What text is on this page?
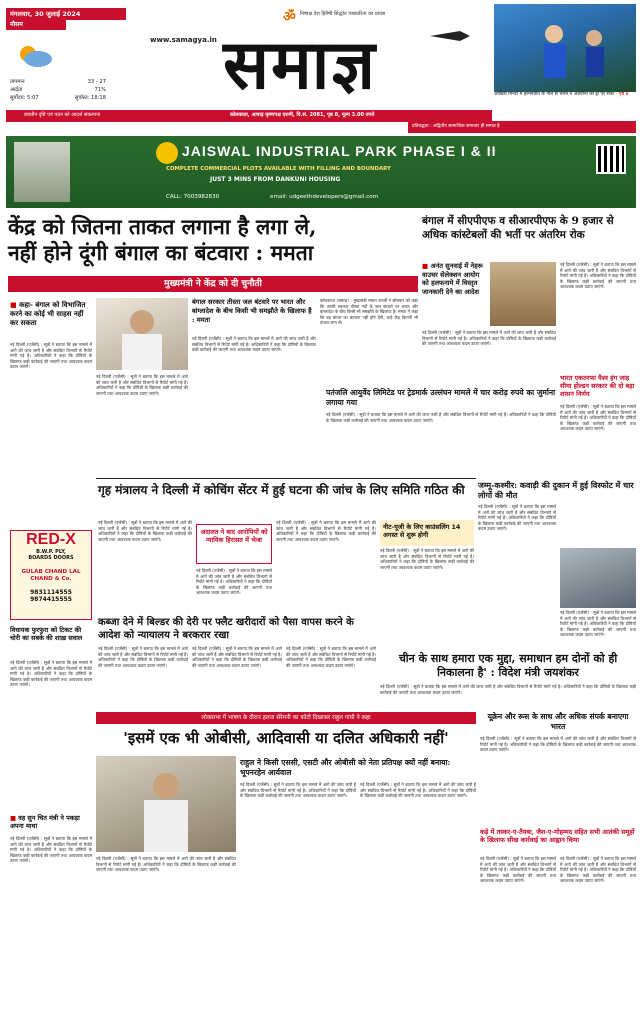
मंगलवार, 30 जुलाई 2024
मौसम
तापमान	33 - 27
आर्द्रता	71%
सूर्योदय: 5:07	सूर्यास्त: 18:18
ॐ निष्पक्ष देश हितैषी सिद्धांत पत्रकारिता का प्रयास
www.samagya.in समाज्ञ	आखिरी मिनटों में हरमनप्रीत के गोल से भारत ने अर्जेंटीना को ड्रा पर रोका - पृष्ठ 8
स्वाधीन दृष्टि एवं पठन को आदर्श संकल्पना	कोलकाता, आषाढ़ कृष्णपक्ष दशमी, वि.सं. 2081, पृष्ठ 8, मूल्य 3.00 रुपये
प्रतिबद्धता : अद्वितीय सामाजिक समाचार ही समाज्ञ है
JAISWAL INDUSTRIAL PARK PHASE I & II
COMPLETE COMMERCIAL PLOTS AVAILABLE WITH FILLING AND BOUNDARY
JUST 3 MINS FROM DANKUNI HOUSING
CALL: 7003982830	email: udgeethdevelopers@gmail.com
केंद्र को जितना ताकत लगाना है लगा ले,
नहीं होने दूंगी बंगाल का बंटवारा : ममता
मुख्यमंत्री ने केंद्र को दी चुनौती
बंगाल सरकार तीस्ता जल बंटवारे पर भारत और बांग्लादेश के बीच किसी भी समझौते के खिलाफ है : ममता
नई दिल्ली (एजेंसी) : सूत्रों ने बताया कि इस मामले में आगे की जांच जारी है और संबंधित विभागों से रिपोर्ट मांगी गई है। अधिकारियों ने कहा कि दोषियों के खिलाफ कड़ी कार्रवाई की जाएगी तथा आवश्यक कदम उठाए जाएंगे।
कोलकाता (समाज्ञ) : मुख्यमंत्री ममता बनर्जी ने सोमवार को कहा कि उनकी सरकार तीस्ता नदी के जल बंटवारे पर भारत और बांग्लादेश के बीच किसी भी समझौते के खिलाफ है। ममता ने कहा कि वह बंगाल का बंटवारा नहीं होने देंगी, चाहे केंद्र कितनी भी ताकत लगा ले।
नई दिल्ली (एजेंसी) : सूत्रों ने बताया कि इस मामले में आगे की जांच जारी है और संबंधित विभागों से रिपोर्ट मांगी गई है। अधिकारियों ने कहा कि दोषियों के खिलाफ कड़ी कार्रवाई की जाएगी तथा आवश्यक कदम उठाए जाएंगे।
■ कहा- बंगाल को विभाजित करने का कोई भी साहस नहीं कर सकता
नई दिल्ली (एजेंसी) : सूत्रों ने बताया कि इस मामले में आगे की जांच जारी है और संबंधित विभागों से रिपोर्ट मांगी गई है। अधिकारियों ने कहा कि दोषियों के खिलाफ कड़ी कार्रवाई की जाएगी तथा आवश्यक कदम उठाए जाएंगे।
RED-X
B.W.P. PLY,
BOARDS DOORS
GULAB CHAND LAL CHAND & Co.
9831114555
9874415555
विधायक फुरफुरा को टिकट की चोरी का सबके की शाख़ सवाल
नई दिल्ली (एजेंसी) : सूत्रों ने बताया कि इस मामले में आगे की जांच जारी है और संबंधित विभागों से रिपोर्ट मांगी गई है। अधिकारियों ने कहा कि दोषियों के खिलाफ कड़ी कार्रवाई की जाएगी तथा आवश्यक कदम उठाए जाएंगे।
गृह मंत्रालय ने दिल्ली में कोचिंग सेंटर में हुई घटना की जांच के लिए समिति गठित की
नई दिल्ली (एजेंसी) : सूत्रों ने बताया कि इस मामले में आगे की जांच जारी है और संबंधित विभागों से रिपोर्ट मांगी गई है। अधिकारियों ने कहा कि दोषियों के खिलाफ कड़ी कार्रवाई की जाएगी तथा आवश्यक कदम उठाए जाएंगे।
अदालत ने बाद आरोपियों को न्यायिक हिरासत में भेजा
नई दिल्ली (एजेंसी) : सूत्रों ने बताया कि इस मामले में आगे की जांच जारी है और संबंधित विभागों से रिपोर्ट मांगी गई है। अधिकारियों ने कहा कि दोषियों के खिलाफ कड़ी कार्रवाई की जाएगी तथा आवश्यक कदम उठाए जाएंगे।
नई दिल्ली (एजेंसी) : सूत्रों ने बताया कि इस मामले में आगे की जांच जारी है और संबंधित विभागों से रिपोर्ट मांगी गई है। अधिकारियों ने कहा कि दोषियों के खिलाफ कड़ी कार्रवाई की जाएगी तथा आवश्यक कदम उठाए जाएंगे।
नीट-यूजी के लिए काउंसलिंग 14 अगस्त से शुरू होगी
नई दिल्ली (एजेंसी) : सूत्रों ने बताया कि इस मामले में आगे की जांच जारी है और संबंधित विभागों से रिपोर्ट मांगी गई है। अधिकारियों ने कहा कि दोषियों के खिलाफ कड़ी कार्रवाई की जाएगी तथा आवश्यक कदम उठाए जाएंगे।
कब्जा देने में बिल्डर की देरी पर फ्लैट खरीदारों को पैसा वापस करने के आदेश को न्यायालय ने बरकरार रखा
नई दिल्ली (एजेंसी) : सूत्रों ने बताया कि इस मामले में आगे की जांच जारी है और संबंधित विभागों से रिपोर्ट मांगी गई है। अधिकारियों ने कहा कि दोषियों के खिलाफ कड़ी कार्रवाई की जाएगी तथा आवश्यक कदम उठाए जाएंगे।
नई दिल्ली (एजेंसी) : सूत्रों ने बताया कि इस मामले में आगे की जांच जारी है और संबंधित विभागों से रिपोर्ट मांगी गई है। अधिकारियों ने कहा कि दोषियों के खिलाफ कड़ी कार्रवाई की जाएगी तथा आवश्यक कदम उठाए जाएंगे।
नई दिल्ली (एजेंसी) : सूत्रों ने बताया कि इस मामले में आगे की जांच जारी है और संबंधित विभागों से रिपोर्ट मांगी गई है। अधिकारियों ने कहा कि दोषियों के खिलाफ कड़ी कार्रवाई की जाएगी तथा आवश्यक कदम उठाए जाएंगे।
बंगाल में सीएपीएफ व सीआरपीएफ के 9 हजार से अधिक कांस्टेबलों की भर्ती पर अंतरिम रोक
■ अनंत सुनवाई में नेहरू वाउचर सेलेक्शन आयोग को हलफनामे में विस्तृत जानकारी देने का आदेश
नई दिल्ली (एजेंसी) : सूत्रों ने बताया कि इस मामले में आगे की जांच जारी है और संबंधित विभागों से रिपोर्ट मांगी गई है। अधिकारियों ने कहा कि दोषियों के खिलाफ कड़ी कार्रवाई की जाएगी तथा आवश्यक कदम उठाए जाएंगे।
नई दिल्ली (एजेंसी) : सूत्रों ने बताया कि इस मामले में आगे की जांच जारी है और संबंधित विभागों से रिपोर्ट मांगी गई है। अधिकारियों ने कहा कि दोषियों के खिलाफ कड़ी कार्रवाई की जाएगी तथा आवश्यक कदम उठाए जाएंगे।
भारत एकतरफा वैश्व हंग जाह सीमा होल्डन सरकार की दो बड़ा शासन निर्णय
नई दिल्ली (एजेंसी) : सूत्रों ने बताया कि इस मामले में आगे की जांच जारी है और संबंधित विभागों से रिपोर्ट मांगी गई है। अधिकारियों ने कहा कि दोषियों के खिलाफ कड़ी कार्रवाई की जाएगी तथा आवश्यक कदम उठाए जाएंगे।
पतंजलि आयुर्वेद लिमिटेड पर ट्रेडमार्क उल्लंघन मामले में चार करोड़ रुपये का जुर्माना लगाया गया
नई दिल्ली (एजेंसी) : सूत्रों ने बताया कि इस मामले में आगे की जांच जारी है और संबंधित विभागों से रिपोर्ट मांगी गई है। अधिकारियों ने कहा कि दोषियों के खिलाफ कड़ी कार्रवाई की जाएगी तथा आवश्यक कदम उठाए जाएंगे।
जम्मू-कश्मीर: कवाड़ी की दुकान में हुई विस्फोट में चार लोगों की मौत
नई दिल्ली (एजेंसी) : सूत्रों ने बताया कि इस मामले में आगे की जांच जारी है और संबंधित विभागों से रिपोर्ट मांगी गई है। अधिकारियों ने कहा कि दोषियों के खिलाफ कड़ी कार्रवाई की जाएगी तथा आवश्यक कदम उठाए जाएंगे।
नई दिल्ली (एजेंसी) : सूत्रों ने बताया कि इस मामले में आगे की जांच जारी है और संबंधित विभागों से रिपोर्ट मांगी गई है। अधिकारियों ने कहा कि दोषियों के खिलाफ कड़ी कार्रवाई की जाएगी तथा आवश्यक कदम उठाए जाएंगे।
चीन के साथ हमारा एक मुद्दा, समाधान हम दोनों को ही निकालना है' : विदेश मंत्री जयशंकर
नई दिल्ली (एजेंसी) : सूत्रों ने बताया कि इस मामले में आगे की जांच जारी है और संबंधित विभागों से रिपोर्ट मांगी गई है। अधिकारियों ने कहा कि दोषियों के खिलाफ कड़ी कार्रवाई की जाएगी तथा आवश्यक कदम उठाए जाएंगे।
लोकसभा में भाषण के दौरान हलवा सेरेमनी का फोटो दिखाकर राहुल गांधी ने कहा
'इसमें एक भी ओबीसी, आदिवासी या दलित अधिकारी नहीं'
■ वह सुन चित मंत्री ने पकड़ा अपना माथा
राहुल ने किसी एससी, एसटी और ओबीसी को नेता प्रतिपक्ष क्यों नहीं बनाया: भूपनरहेन आर्यवाल
नई दिल्ली (एजेंसी) : सूत्रों ने बताया कि इस मामले में आगे की जांच जारी है और संबंधित विभागों से रिपोर्ट मांगी गई है। अधिकारियों ने कहा कि दोषियों के खिलाफ कड़ी कार्रवाई की जाएगी तथा आवश्यक कदम उठाए जाएंगे।
नई दिल्ली (एजेंसी) : सूत्रों ने बताया कि इस मामले में आगे की जांच जारी है और संबंधित विभागों से रिपोर्ट मांगी गई है। अधिकारियों ने कहा कि दोषियों के खिलाफ कड़ी कार्रवाई की जाएगी तथा आवश्यक कदम उठाए जाएंगे।
नई दिल्ली (एजेंसी) : सूत्रों ने बताया कि इस मामले में आगे की जांच जारी है और संबंधित विभागों से रिपोर्ट मांगी गई है। अधिकारियों ने कहा कि दोषियों के खिलाफ कड़ी कार्रवाई की जाएगी तथा आवश्यक कदम उठाए जाएंगे।
नई दिल्ली (एजेंसी) : सूत्रों ने बताया कि इस मामले में आगे की जांच जारी है और संबंधित विभागों से रिपोर्ट मांगी गई है। अधिकारियों ने कहा कि दोषियों के खिलाफ कड़ी कार्रवाई की जाएगी तथा आवश्यक कदम उठाए जाएंगे।
यूक्रेन और रूस के साथ और अधिक संपर्क बनाएगा भारत
नई दिल्ली (एजेंसी) : सूत्रों ने बताया कि इस मामले में आगे की जांच जारी है और संबंधित विभागों से रिपोर्ट मांगी गई है। अधिकारियों ने कहा कि दोषियों के खिलाफ कड़ी कार्रवाई की जाएगी तथा आवश्यक कदम उठाए जाएंगे।
कड़े में तस्कर-ए-तैयबा, जैश-ए-मोहम्मद सहित सभी आतंकी समूहों के खिलाफ सीख कार्रवाई का आह्वान किया
नई दिल्ली (एजेंसी) : सूत्रों ने बताया कि इस मामले में आगे की जांच जारी है और संबंधित विभागों से रिपोर्ट मांगी गई है। अधिकारियों ने कहा कि दोषियों के खिलाफ कड़ी कार्रवाई की जाएगी तथा आवश्यक कदम उठाए जाएंगे।
नई दिल्ली (एजेंसी) : सूत्रों ने बताया कि इस मामले में आगे की जांच जारी है और संबंधित विभागों से रिपोर्ट मांगी गई है। अधिकारियों ने कहा कि दोषियों के खिलाफ कड़ी कार्रवाई की जाएगी तथा आवश्यक कदम उठाए जाएंगे।
